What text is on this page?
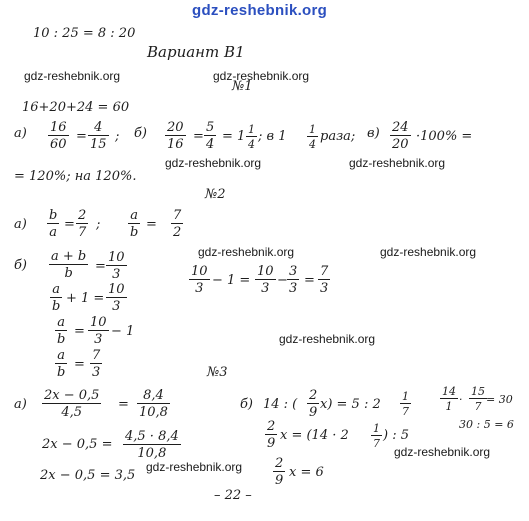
gdz-reshebnik.org
10 : 25 = 8 : 20
Вариант В1
gdz-reshebnik.org	gdz-reshebnik.org
№1
16+20+24 = 60
$а) \frac{16}{60} = \frac{4}{15}$ ; $б) \frac{20}{16} = \frac{5}{4} = 1 \frac{1}{4}$ ; в $1 \frac{1}{4}$ раза; $в) \frac{24}{20} \cdot 100\%$ =
= 120%; на 120%.
gdz-reshebnik.org	gdz-reshebnik.org
№2
$а) \frac{b}{a} = \frac{2}{7}$ ; $\frac{a}{b} = \frac{7}{2}$
$б) \frac{a + b}{b} = \frac{10}{3}$
$\frac{a}{b} + 1 = \frac{10}{3}$
$\frac{a}{b} = \frac{10}{3} - 1$
$\frac{a}{b} = \frac{7}{3}$
gdz-reshebnik.org	gdz-reshebnik.org
$\frac{10}{3} - 1 = \frac{10}{3} - \frac{3}{3} = \frac{7}{3}$
gdz-reshebnik.org
№3
$а) \frac{2x - 0,5}{4,5} = \frac{8,4}{10,8}$
$2x - 0,5 = \frac{4,5 \cdot 8,4}{10,8}$
2x − 0,5 = 3,5
б) 14 : ( $\frac{2}{9} x) = 5$ : $2 \frac{1}{7}$
$\frac{2}{9}$ $x = (14 \cdot 2 \frac{1}{7}$ ) : 5
$\frac{2}{9}$ x = 6
$\frac{14}{1} \cdot \frac{15}{7} = 30$
30 : 5 = 6
gdz-reshebnik.org
gdz-reshebnik.org
– 22 –
